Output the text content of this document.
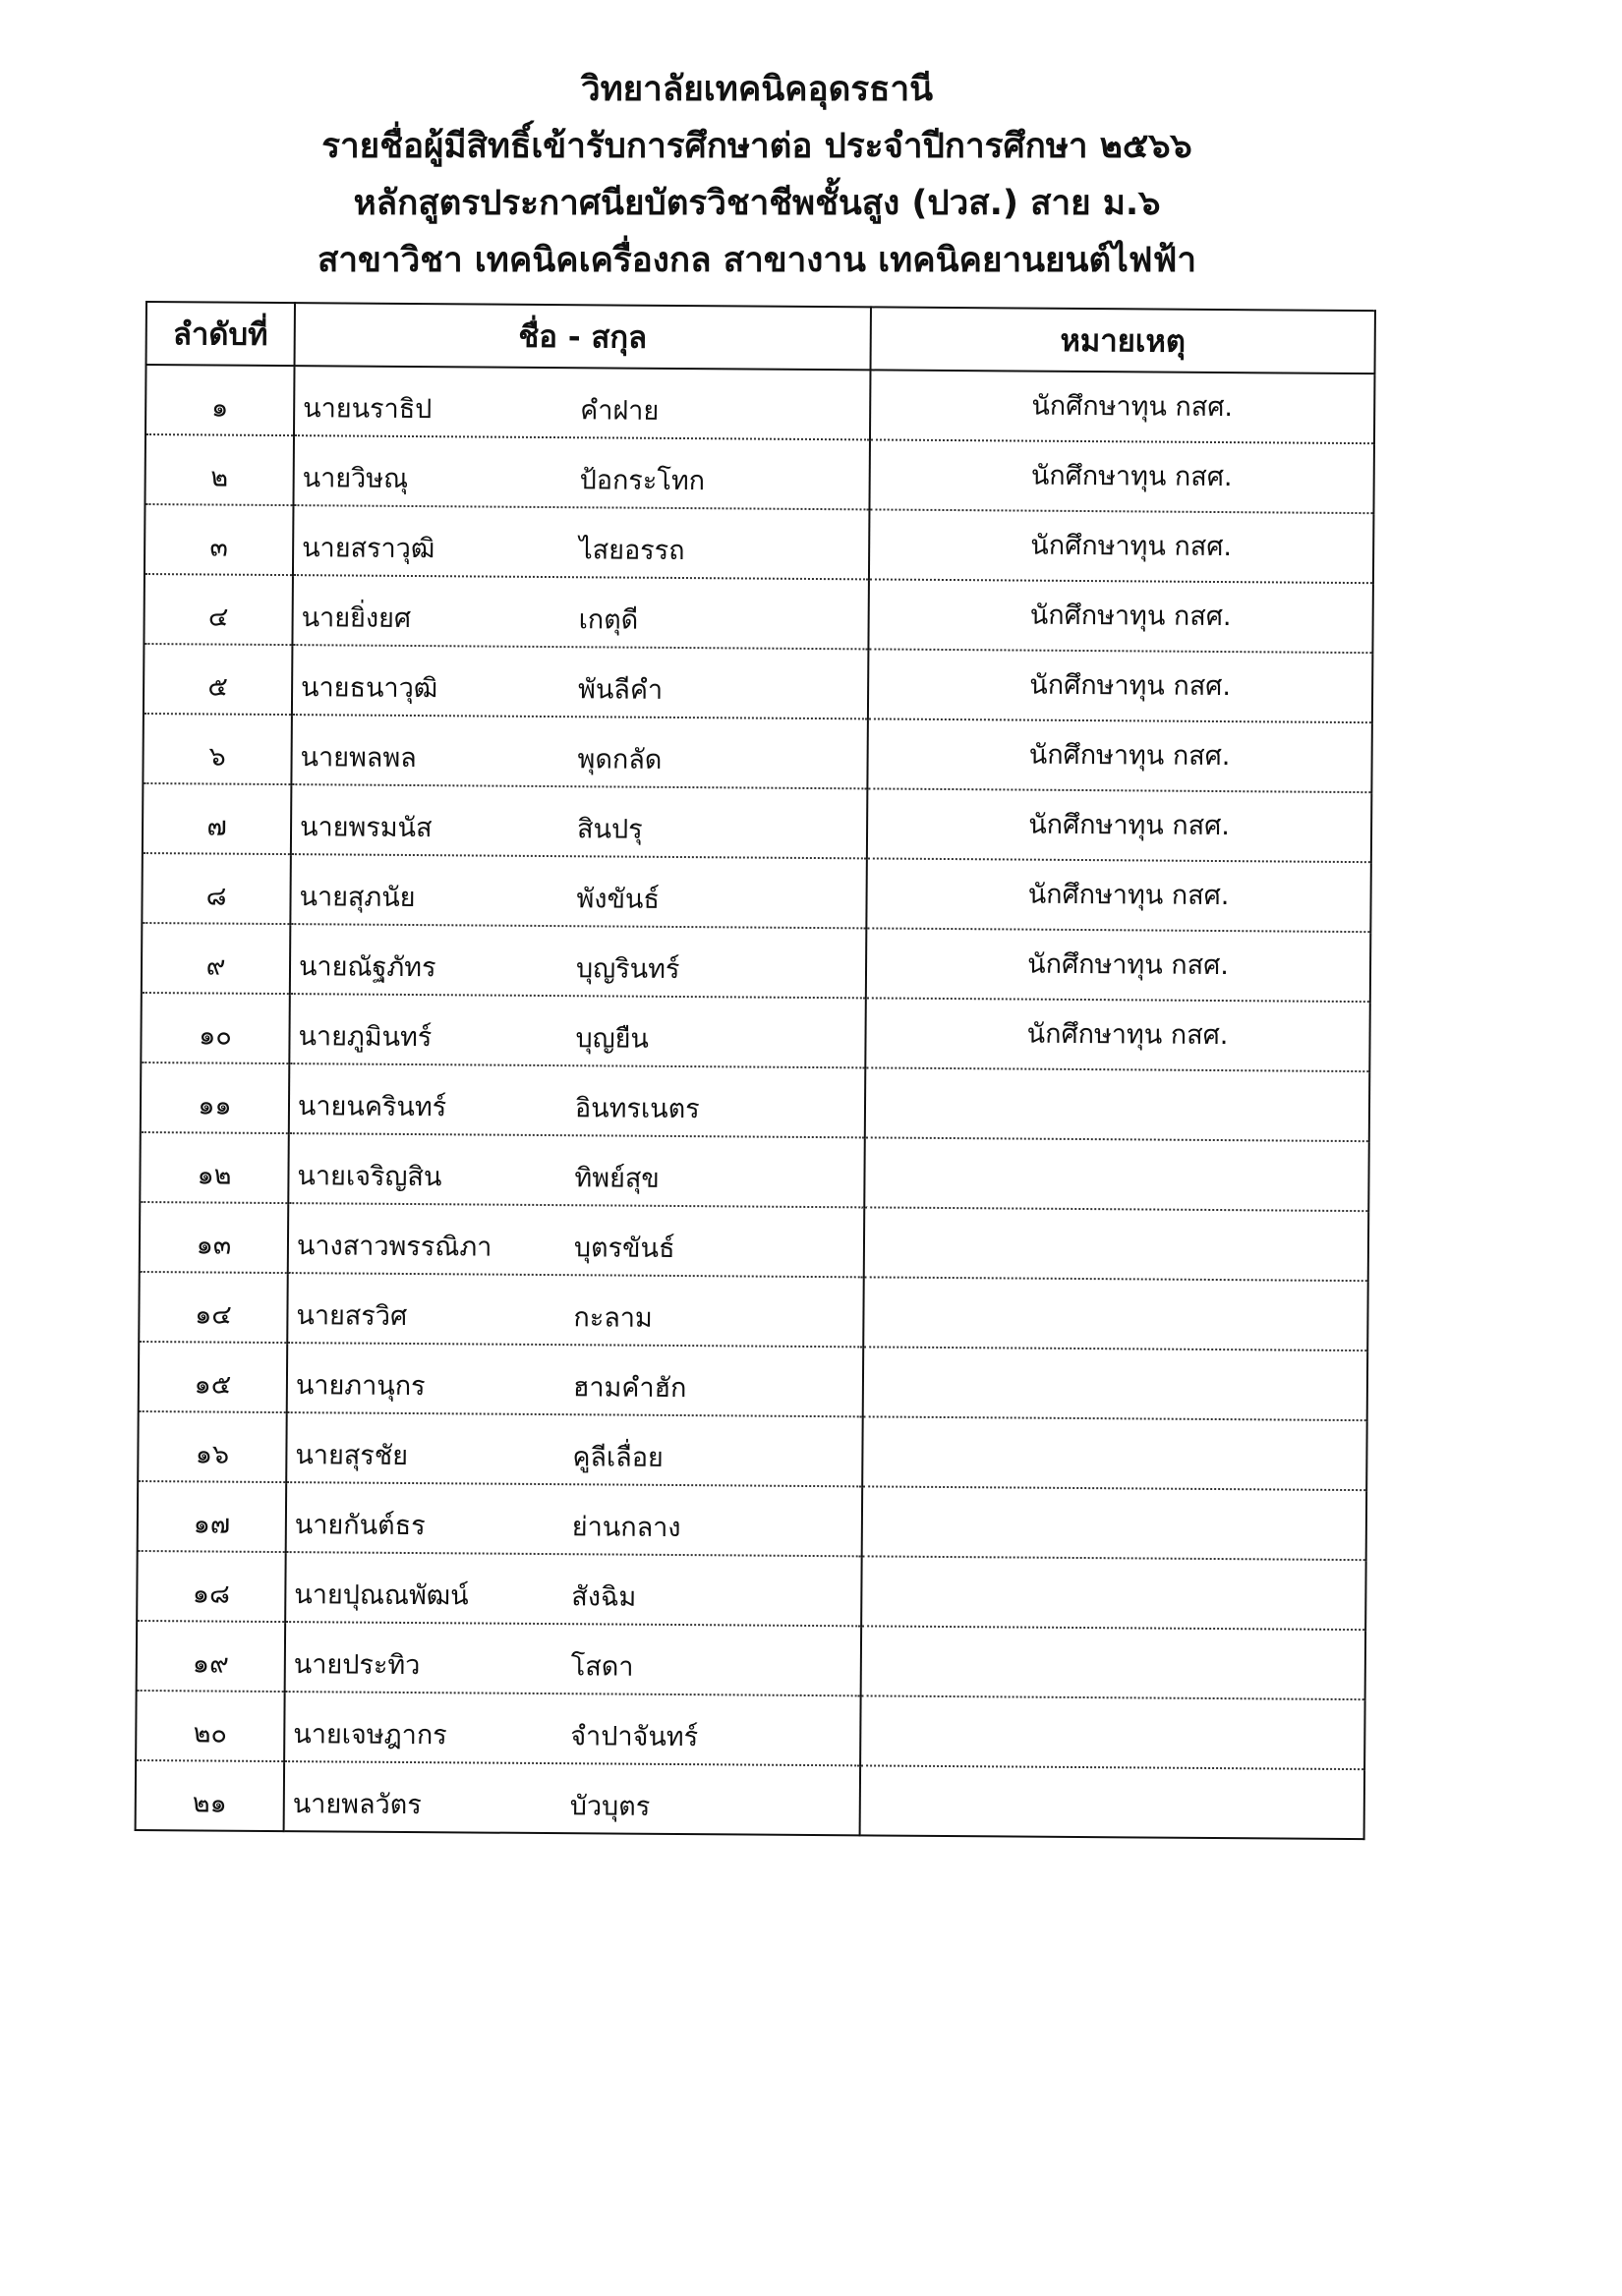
วิทยาลัยเทคนิคอุดรธานี
รายชื่อผู้มีสิทธิ์เข้ารับการศึกษาต่อ ประจำปีการศึกษา ๒๕๖๖
หลักสูตรประกาศนียบัตรวิชาชีพชั้นสูง (ปวส.) สาย ม.๖
สาขาวิชา เทคนิคเครื่องกล สาขางาน เทคนิคยานยนต์ไฟฟ้า
ลำดับที่	ชื่อ - สกุล	หมายเหตุ
๑	นายนราธิป คำฝาย	นักศึกษาทุน กสศ.
๒	นายวิษณุ ป้อกระโทก	นักศึกษาทุน กสศ.
๓	นายสราวุฒิ ไสยอรรถ	นักศึกษาทุน กสศ.
๔	นายยิ่งยศ เกตุดี	นักศึกษาทุน กสศ.
๕	นายธนาวุฒิ พันลีคำ	นักศึกษาทุน กสศ.
๖	นายพลพล พุดกลัด	นักศึกษาทุน กสศ.
๗	นายพรมนัส สินปรุ	นักศึกษาทุน กสศ.
๘	นายสุภนัย พังขันธ์	นักศึกษาทุน กสศ.
๙	นายณัฐภัทร บุญรินทร์	นักศึกษาทุน กสศ.
๑๐	นายภูมินทร์ บุญยืน	นักศึกษาทุน กสศ.
๑๑	นายนครินทร์ อินทรเนตร	
๑๒	นายเจริญสิน ทิพย์สุข	
๑๓	นางสาวพรรณิภา บุตรขันธ์	
๑๔	นายสรวิศ กะลาม	
๑๕	นายภานุกร ฮามคำฮัก	
๑๖	นายสุรชัย คูลีเลื่อย	
๑๗	นายกันต์ธร ย่านกลาง	
๑๘	นายปุณณพัฒน์ สังฉิม	
๑๙	นายประทิว โสดา	
๒๐	นายเจษฎากร จำปาจันทร์	
๒๑	นายพลวัตร บัวบุตร	
